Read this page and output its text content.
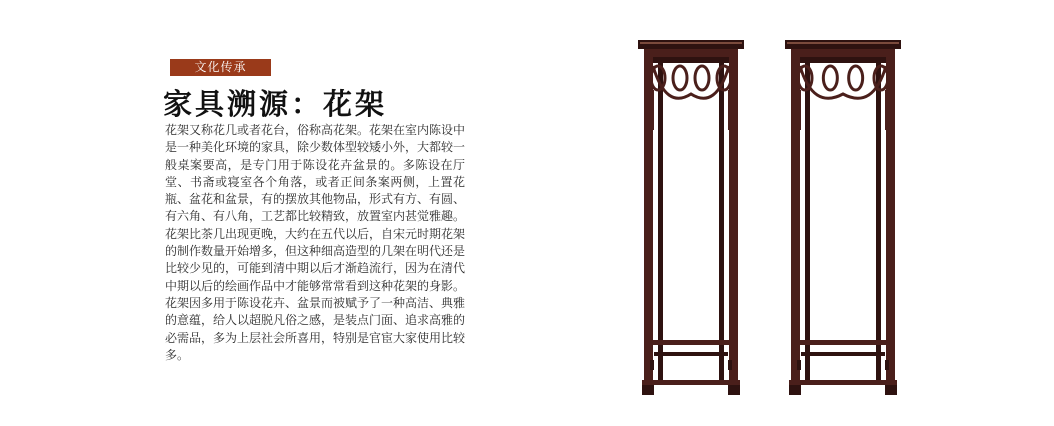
文化传承
家具溯源：花架

花架又称花几或者花台，俗称高花架。花架在室内陈设中是一种美化环境的家具，除少数体型较矮小外，大都较一般桌案要高，是专门用于陈设花卉盆景的。多陈设在厅堂、书斋或寝室各个角落，或者正间条案两侧，上置花瓶、盆花和盆景，有的摆放其他物品，形式有方、有圆、有六角、有八角，工艺都比较精致，放置室内甚觉雅趣。

花架比茶几出现更晚，大约在五代以后，自宋元时期花架的制作数量开始增多，但这种细高造型的几架在明代还是比较少见的，可能到清中期以后才渐趋流行，因为在清代中期以后的绘画作品中才能够常常看到这种花架的身影。花架因多用于陈设花卉、盆景而被赋予了一种高洁、典雅的意蕴，给人以超脱凡俗之感，是装点门面、追求高雅的必需品，多为上层社会所喜用，特别是官宦大家使用比较多。
